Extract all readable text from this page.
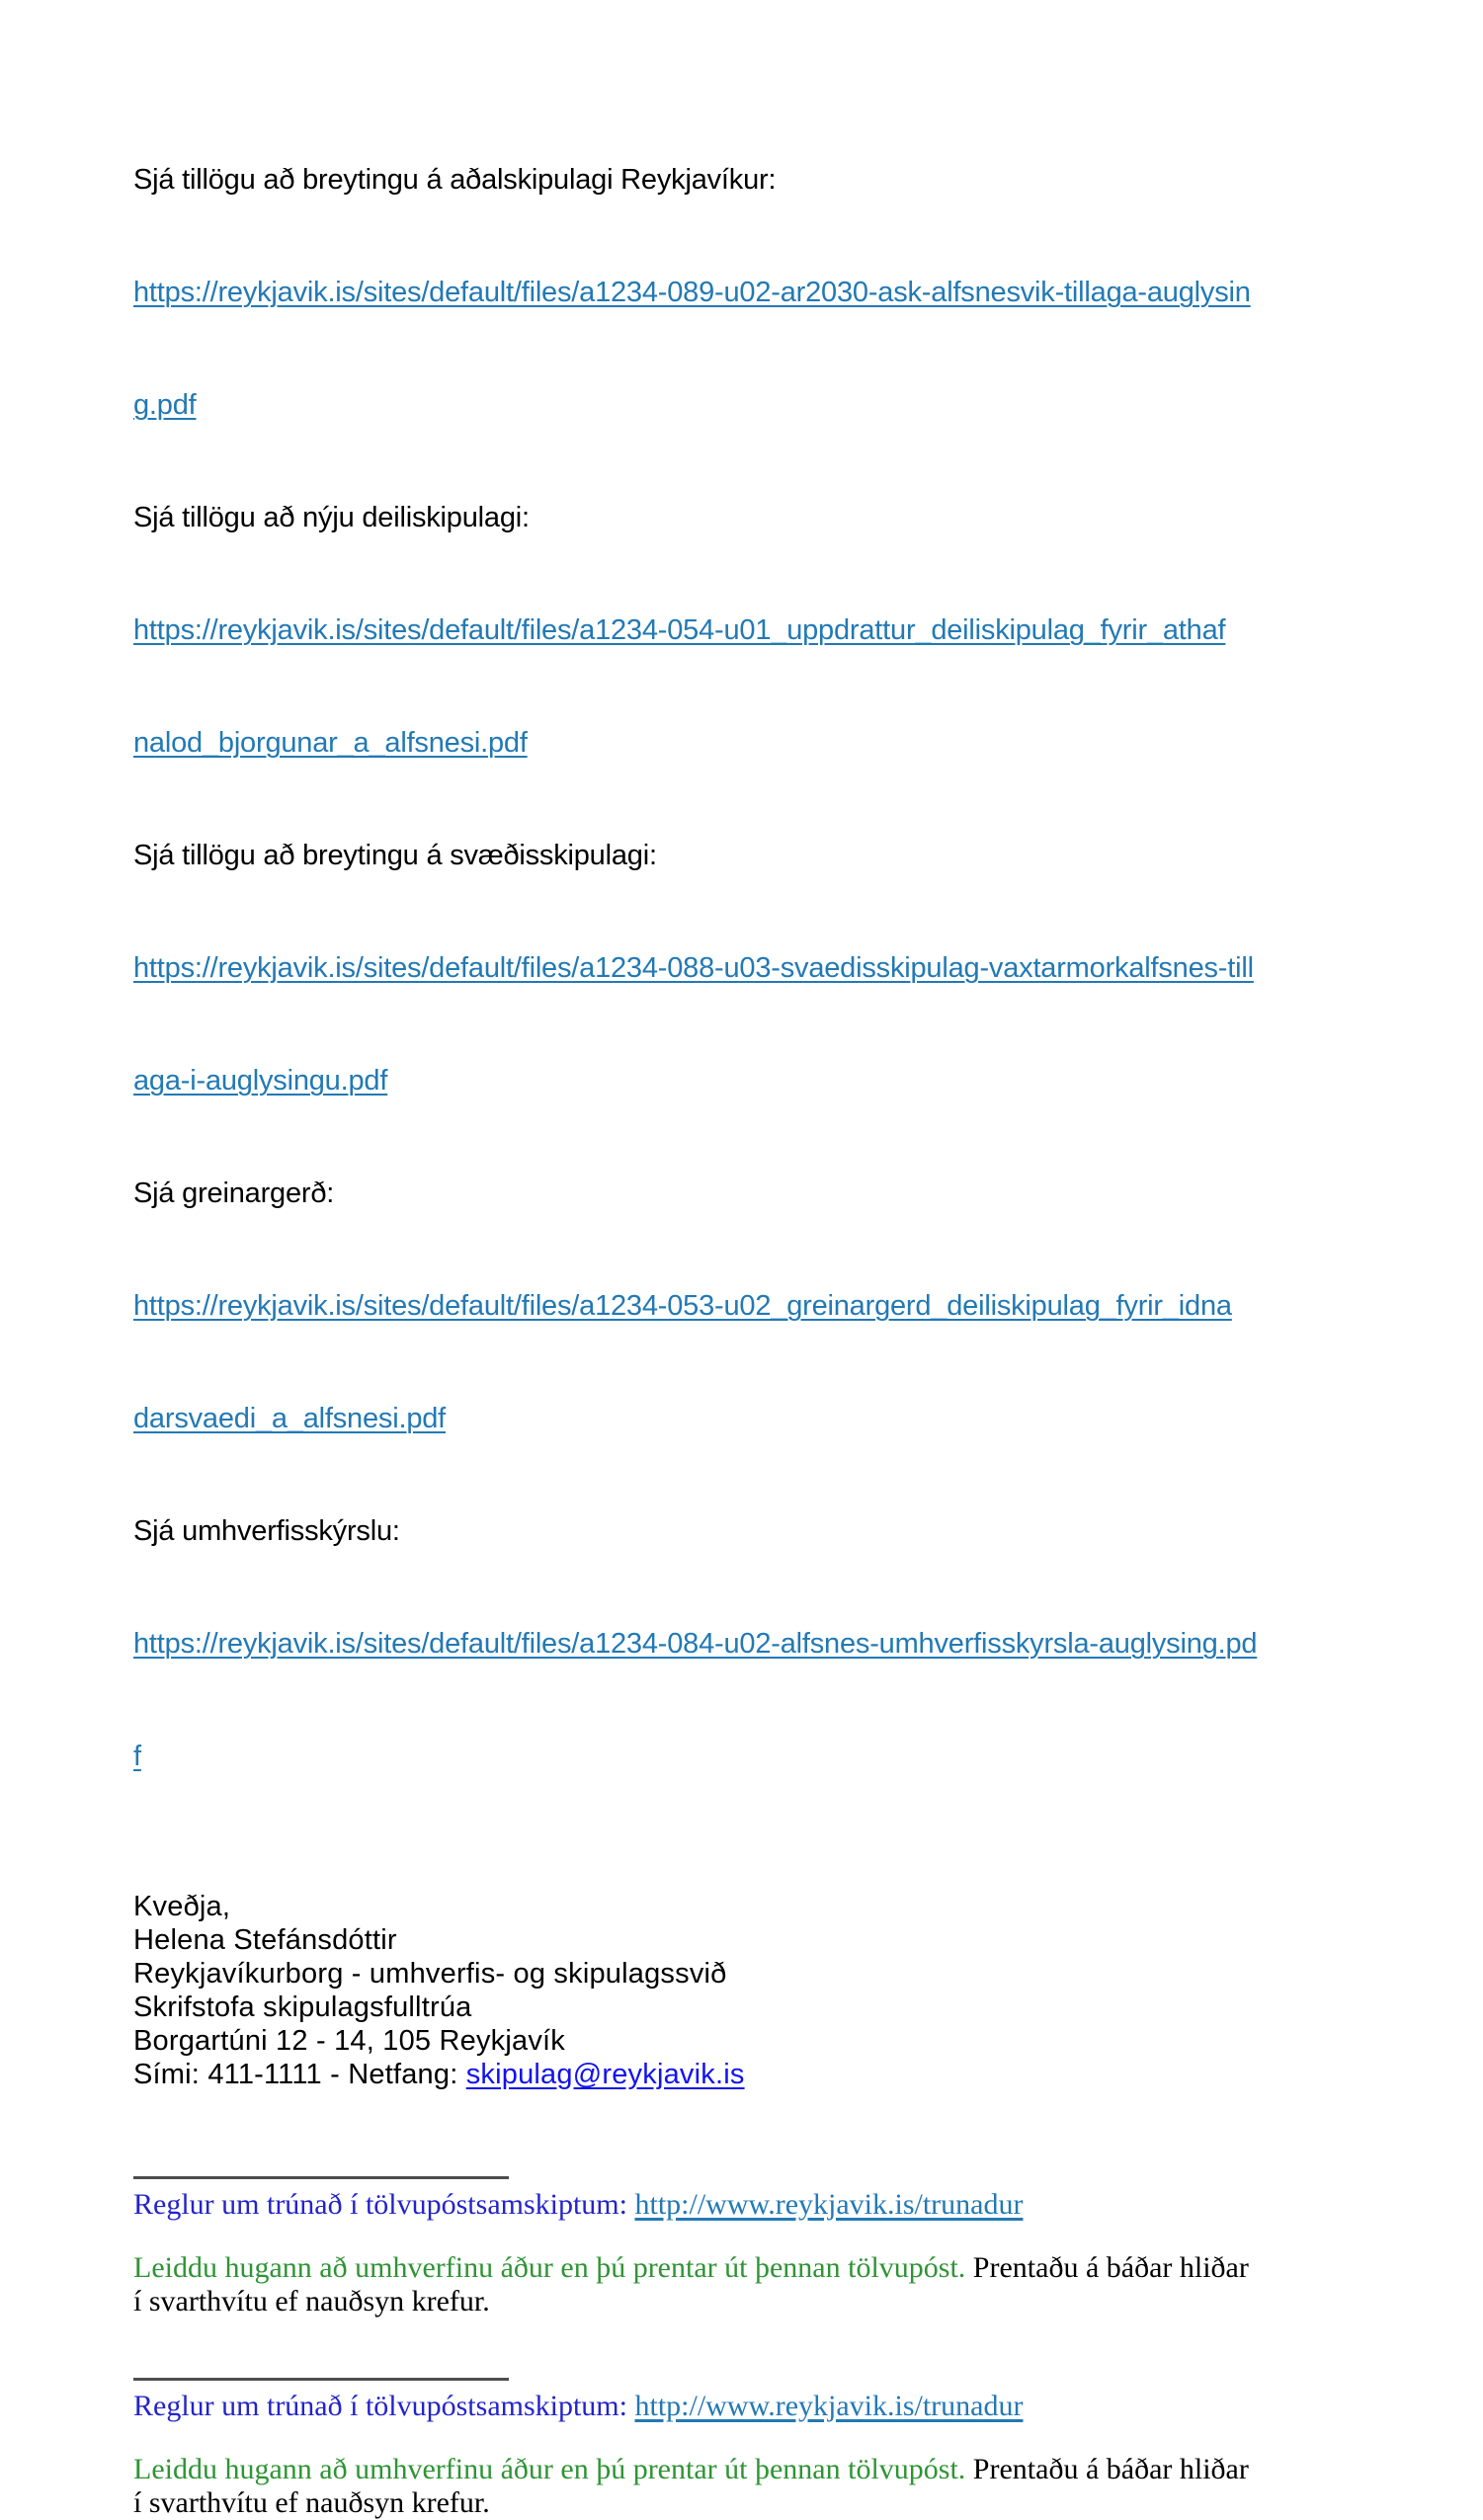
Sjá tillögu að breytingu á aðalskipulagi Reykjavíkur:

https://reykjavik.is/sites/default/files/a1234-089-u02-ar2030-ask-alfsnesvik-tillaga-auglysin

g.pdf

Sjá tillögu að nýju deiliskipulagi:

https://reykjavik.is/sites/default/files/a1234-054-u01_uppdrattur_deiliskipulag_fyrir_athaf

nalod_bjorgunar_a_alfsnesi.pdf

Sjá tillögu að breytingu á svæðisskipulagi:

https://reykjavik.is/sites/default/files/a1234-088-u03-svaedisskipulag-vaxtarmorkalfsnes-till

aga-i-auglysingu.pdf

Sjá greinargerð:

https://reykjavik.is/sites/default/files/a1234-053-u02_greinargerd_deiliskipulag_fyrir_idna

darsvaedi_a_alfsnesi.pdf

Sjá umhverfisskýrslu:

https://reykjavik.is/sites/default/files/a1234-084-u02-alfsnes-umhverfisskyrsla-auglysing.pd

f

Kveðja,
Helena Stefánsdóttir
Reykjavíkurborg - umhverfis- og skipulagssvið
Skrifstofa skipulagsfulltrúa
Borgartúni 12 - 14, 105 Reykjavík
Sími: 411-1111 - Netfang: skipulag@reykjavik.is
Reglur um trúnað í tölvupóstsamskiptum: http://www.reykjavik.is/trunadur

Leiddu hugann að umhverfinu áður en þú prentar út þennan tölvupóst. Prentaðu á báðar hliðar
í svarthvítu ef nauðsyn krefur.

Reglur um trúnað í tölvupóstsamskiptum: http://www.reykjavik.is/trunadur

Leiddu hugann að umhverfinu áður en þú prentar út þennan tölvupóst. Prentaðu á báðar hliðar
í svarthvítu ef nauðsyn krefur.
